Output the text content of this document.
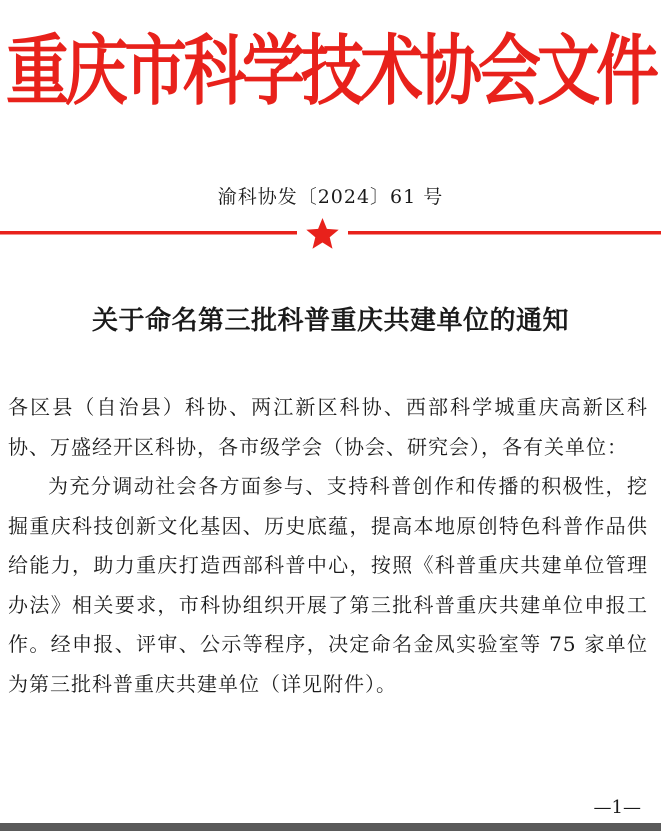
重庆市科学技术协会文件
渝科协发〔2024〕61 号
关于命名第三批科普重庆共建单位的通知

各区县（自治县）科协、两江新区科协、西部科学城重庆高新区科协、万盛经开区科协，各市级学会（协会、研究会），各有关单位：

为充分调动社会各方面参与、支持科普创作和传播的积极性，挖掘重庆科技创新文化基因、历史底蕴，提高本地原创特色科普作品供给能力，助力重庆打造西部科普中心，按照《科普重庆共建单位管理办法》相关要求，市科协组织开展了第三批科普重庆共建单位申报工作。经申报、评审、公示等程序，决定命名金凤实验室等 75 家单位为第三批科普重庆共建单位（详见附件）。

—1—
